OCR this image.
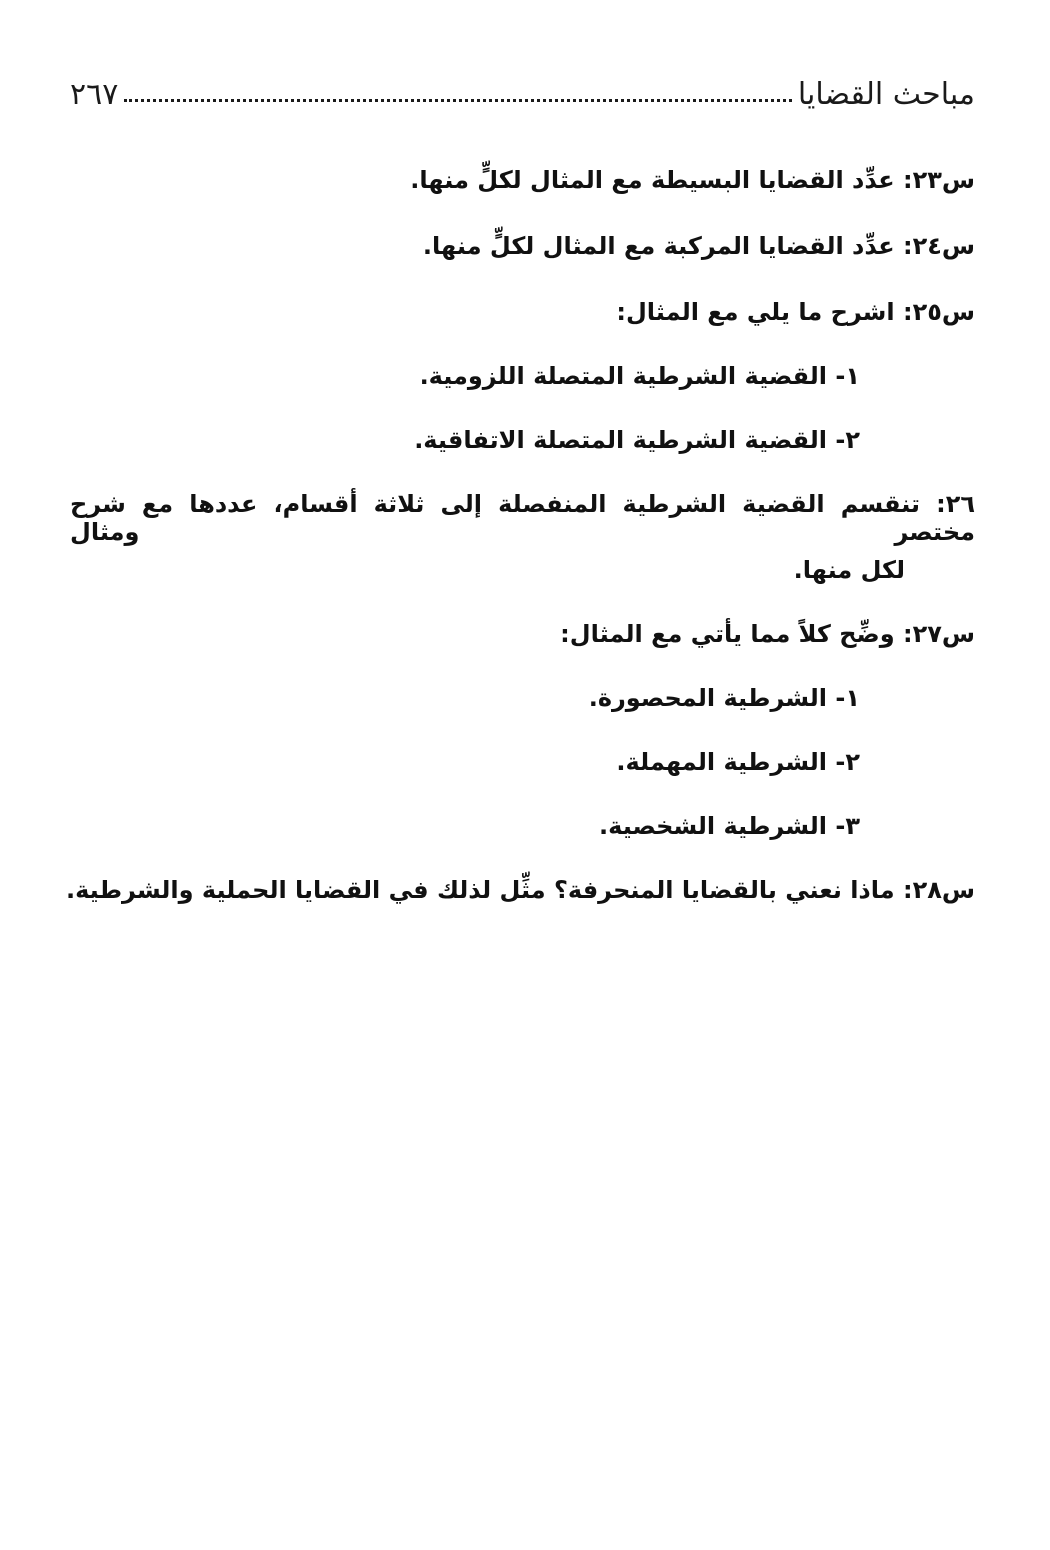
مباحث القضايا
٢٦٧
س٢٣: عدِّد القضايا البسيطة مع المثال لكلٍّ منها.
س٢٤: عدِّد القضايا المركبة مع المثال لكلٍّ منها.
س٢٥: اشرح ما يلي مع المثال:
١- القضية الشرطية المتصلة اللزومية.
٢- القضية الشرطية المتصلة الاتفاقية.
٢٦: تنقسم القضية الشرطية المنفصلة إلى ثلاثة أقسام، عددها مع شرح مختصر ومثال
لكل منها.
س٢٧: وضِّح كلاً مما يأتي مع المثال:
١- الشرطية المحصورة.
٢- الشرطية المهملة.
٣- الشرطية الشخصية.
س٢٨: ماذا نعني بالقضايا المنحرفة؟ مثِّل لذلك في القضايا الحملية والشرطية.
